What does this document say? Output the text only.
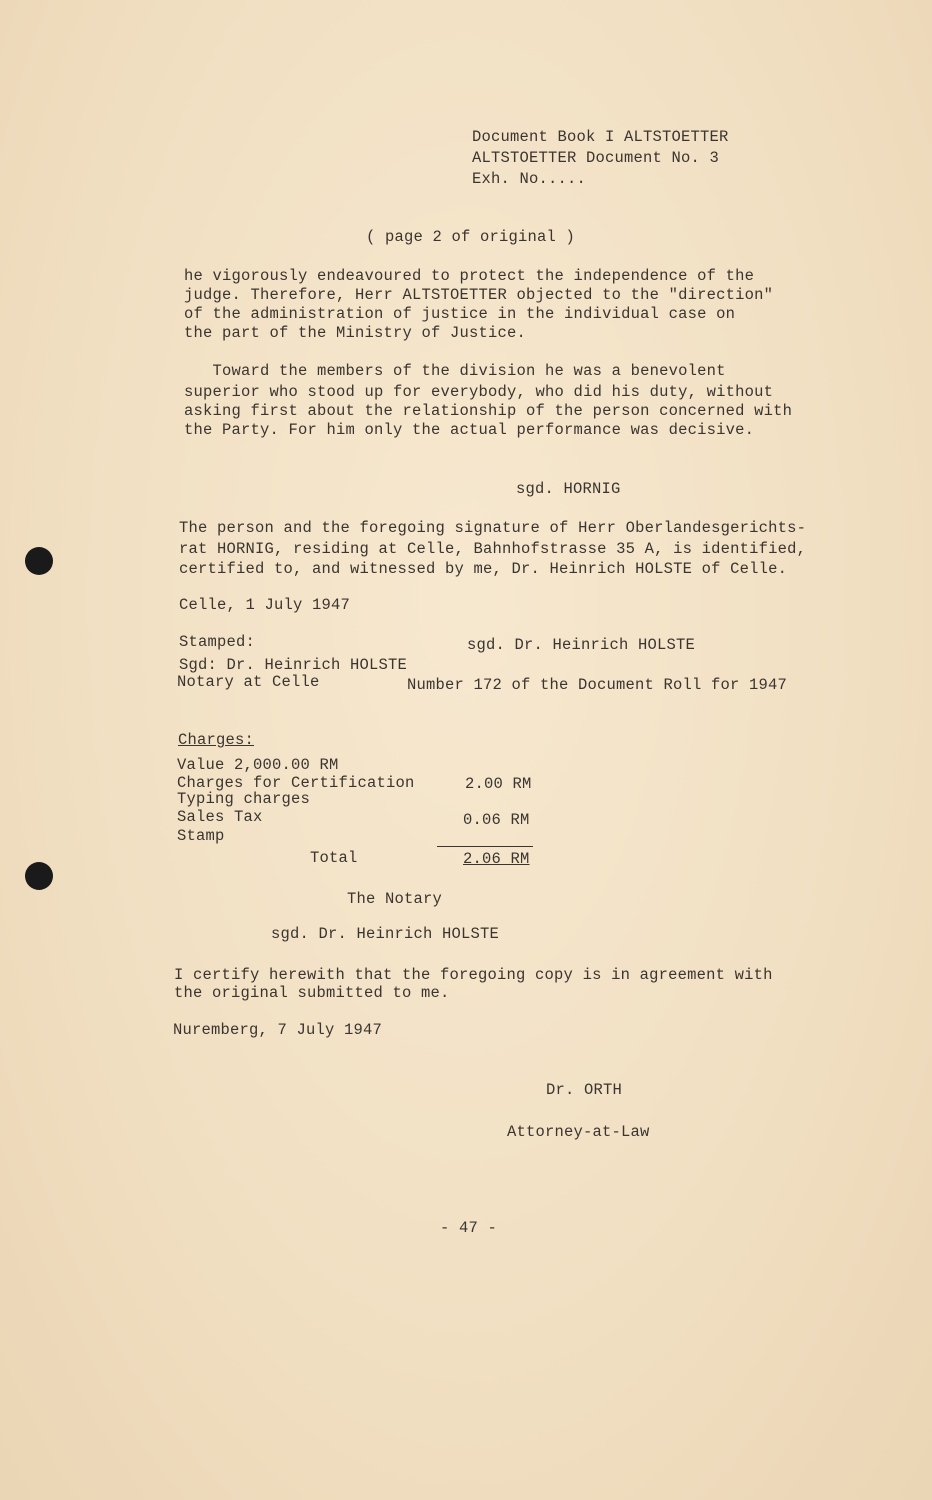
Document Book I ALTSTOETTER
ALTSTOETTER Document No. 3
Exh. No.....
( page 2 of original )
he vigorously endeavoured to protect the independence of the
judge. Therefore, Herr ALTSTOETTER objected to the "direction"
of the administration of justice in the individual case on
the part of the Ministry of Justice.
Toward the members of the division he was a benevolent
superior who stood up for everybody, who did his duty, without
asking first about the relationship of the person concerned with
the Party. For him only the actual performance was decisive.
sgd. HORNIG
The person and the foregoing signature of Herr Oberlandesgerichts-
rat HORNIG, residing at Celle, Bahnhofstrasse 35 A, is identified,
certified to, and witnessed by me, Dr. Heinrich HOLSTE of Celle.
Celle, 1 July 1947
Stamped:	sgd. Dr. Heinrich HOLSTE
Sgd: Dr. Heinrich HOLSTE
Notary at Celle	Number 172 of the Document Roll for 1947
Charges:
Value 2,000.00 RM
Charges for Certification	2.00 RM
Typing charges
Sales Tax	0.06 RM
Stamp
Total	2.06 RM
The Notary
sgd. Dr. Heinrich HOLSTE
I certify herewith that the foregoing copy is in agreement with
the original submitted to me.
Nuremberg, 7 July 1947
Dr. ORTH
Attorney-at-Law
- 47 -
